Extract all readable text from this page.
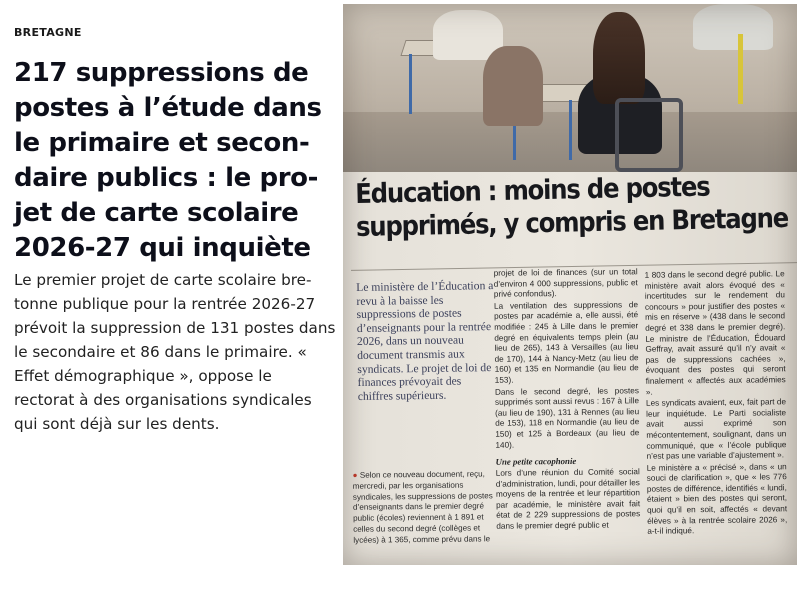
BRETAGNE
217 suppressions de postes à l’étude dans le primaire et secon-daire publics : le pro-jet de carte scolaire 2026-27 qui inquiète

Le premier projet de carte scolaire bre-tonne publique pour la rentrée 2026-27 prévoit la suppression de 131 postes dans le secondaire et 86 dans le primaire. « Effet démographique », oppose le rectorat à des organisations syndicales qui sont déjà sur les dents.

Éducation : moins de postes supprimés, y compris en Bretagne

Le ministère de l’Éducation a revu à la baisse les suppressions de postes d’enseignants pour la rentrée 2026, dans un nouveau document transmis aux syndicats. Le projet de loi de finances prévoyait des chiffres supérieurs.

● Selon ce nouveau document, reçu, mercredi, par les organisations syndicales, les suppressions de postes d’enseignants dans le premier degré public (écoles) reviennent à 1 891 et celles du second degré (collèges et lycées) à 1 365, comme prévu dans le

projet de loi de finances (sur un total d’environ 4 000 suppressions, public et privé confondus).

La ventilation des suppressions de postes par académie a, elle aussi, été modifiée : 245 à Lille dans le premier degré en équivalents temps plein (au lieu de 265), 143 à Versailles (au lieu de 170), 144 à Nancy-Metz (au lieu de 160) et 135 en Normandie (au lieu de 153).

Dans le second degré, les postes supprimés sont aussi revus : 167 à Lille (au lieu de 190), 131 à Rennes (au lieu de 153), 118 en Normandie (au lieu de 150) et 125 à Bordeaux (au lieu de 140).

Une petite cacophonie

Lors d’une réunion du Comité social d’administration, lundi, pour détailler les moyens de la rentrée et leur répartition par académie, le ministère avait fait état de 2 229 suppressions de postes dans le premier degré public et

1 803 dans le second degré public. Le ministère avait alors évoqué des « incertitudes sur le rendement du concours » pour justifier des postes « mis en réserve » (438 dans le second degré et 338 dans le premier degré). Le ministre de l’Éducation, Édouard Geffray, avait assuré qu’il n’y avait « pas de suppressions cachées », évoquant des postes qui seront finalement « affectés aux académies ».

Les syndicats avaient, eux, fait part de leur inquiétude. Le Parti socialiste avait aussi exprimé son mécontentement, soulignant, dans un communiqué, que « l’école publique n’est pas une variable d’ajustement ».

Le ministère a « précisé », dans « un souci de clarification », que « les 776 postes de différence, identifiés « lundi, étaient » bien des postes qui seront, quoi qu’il en soit, affectés « devant élèves » à la rentrée scolaire 2026 », a-t-il indiqué.
